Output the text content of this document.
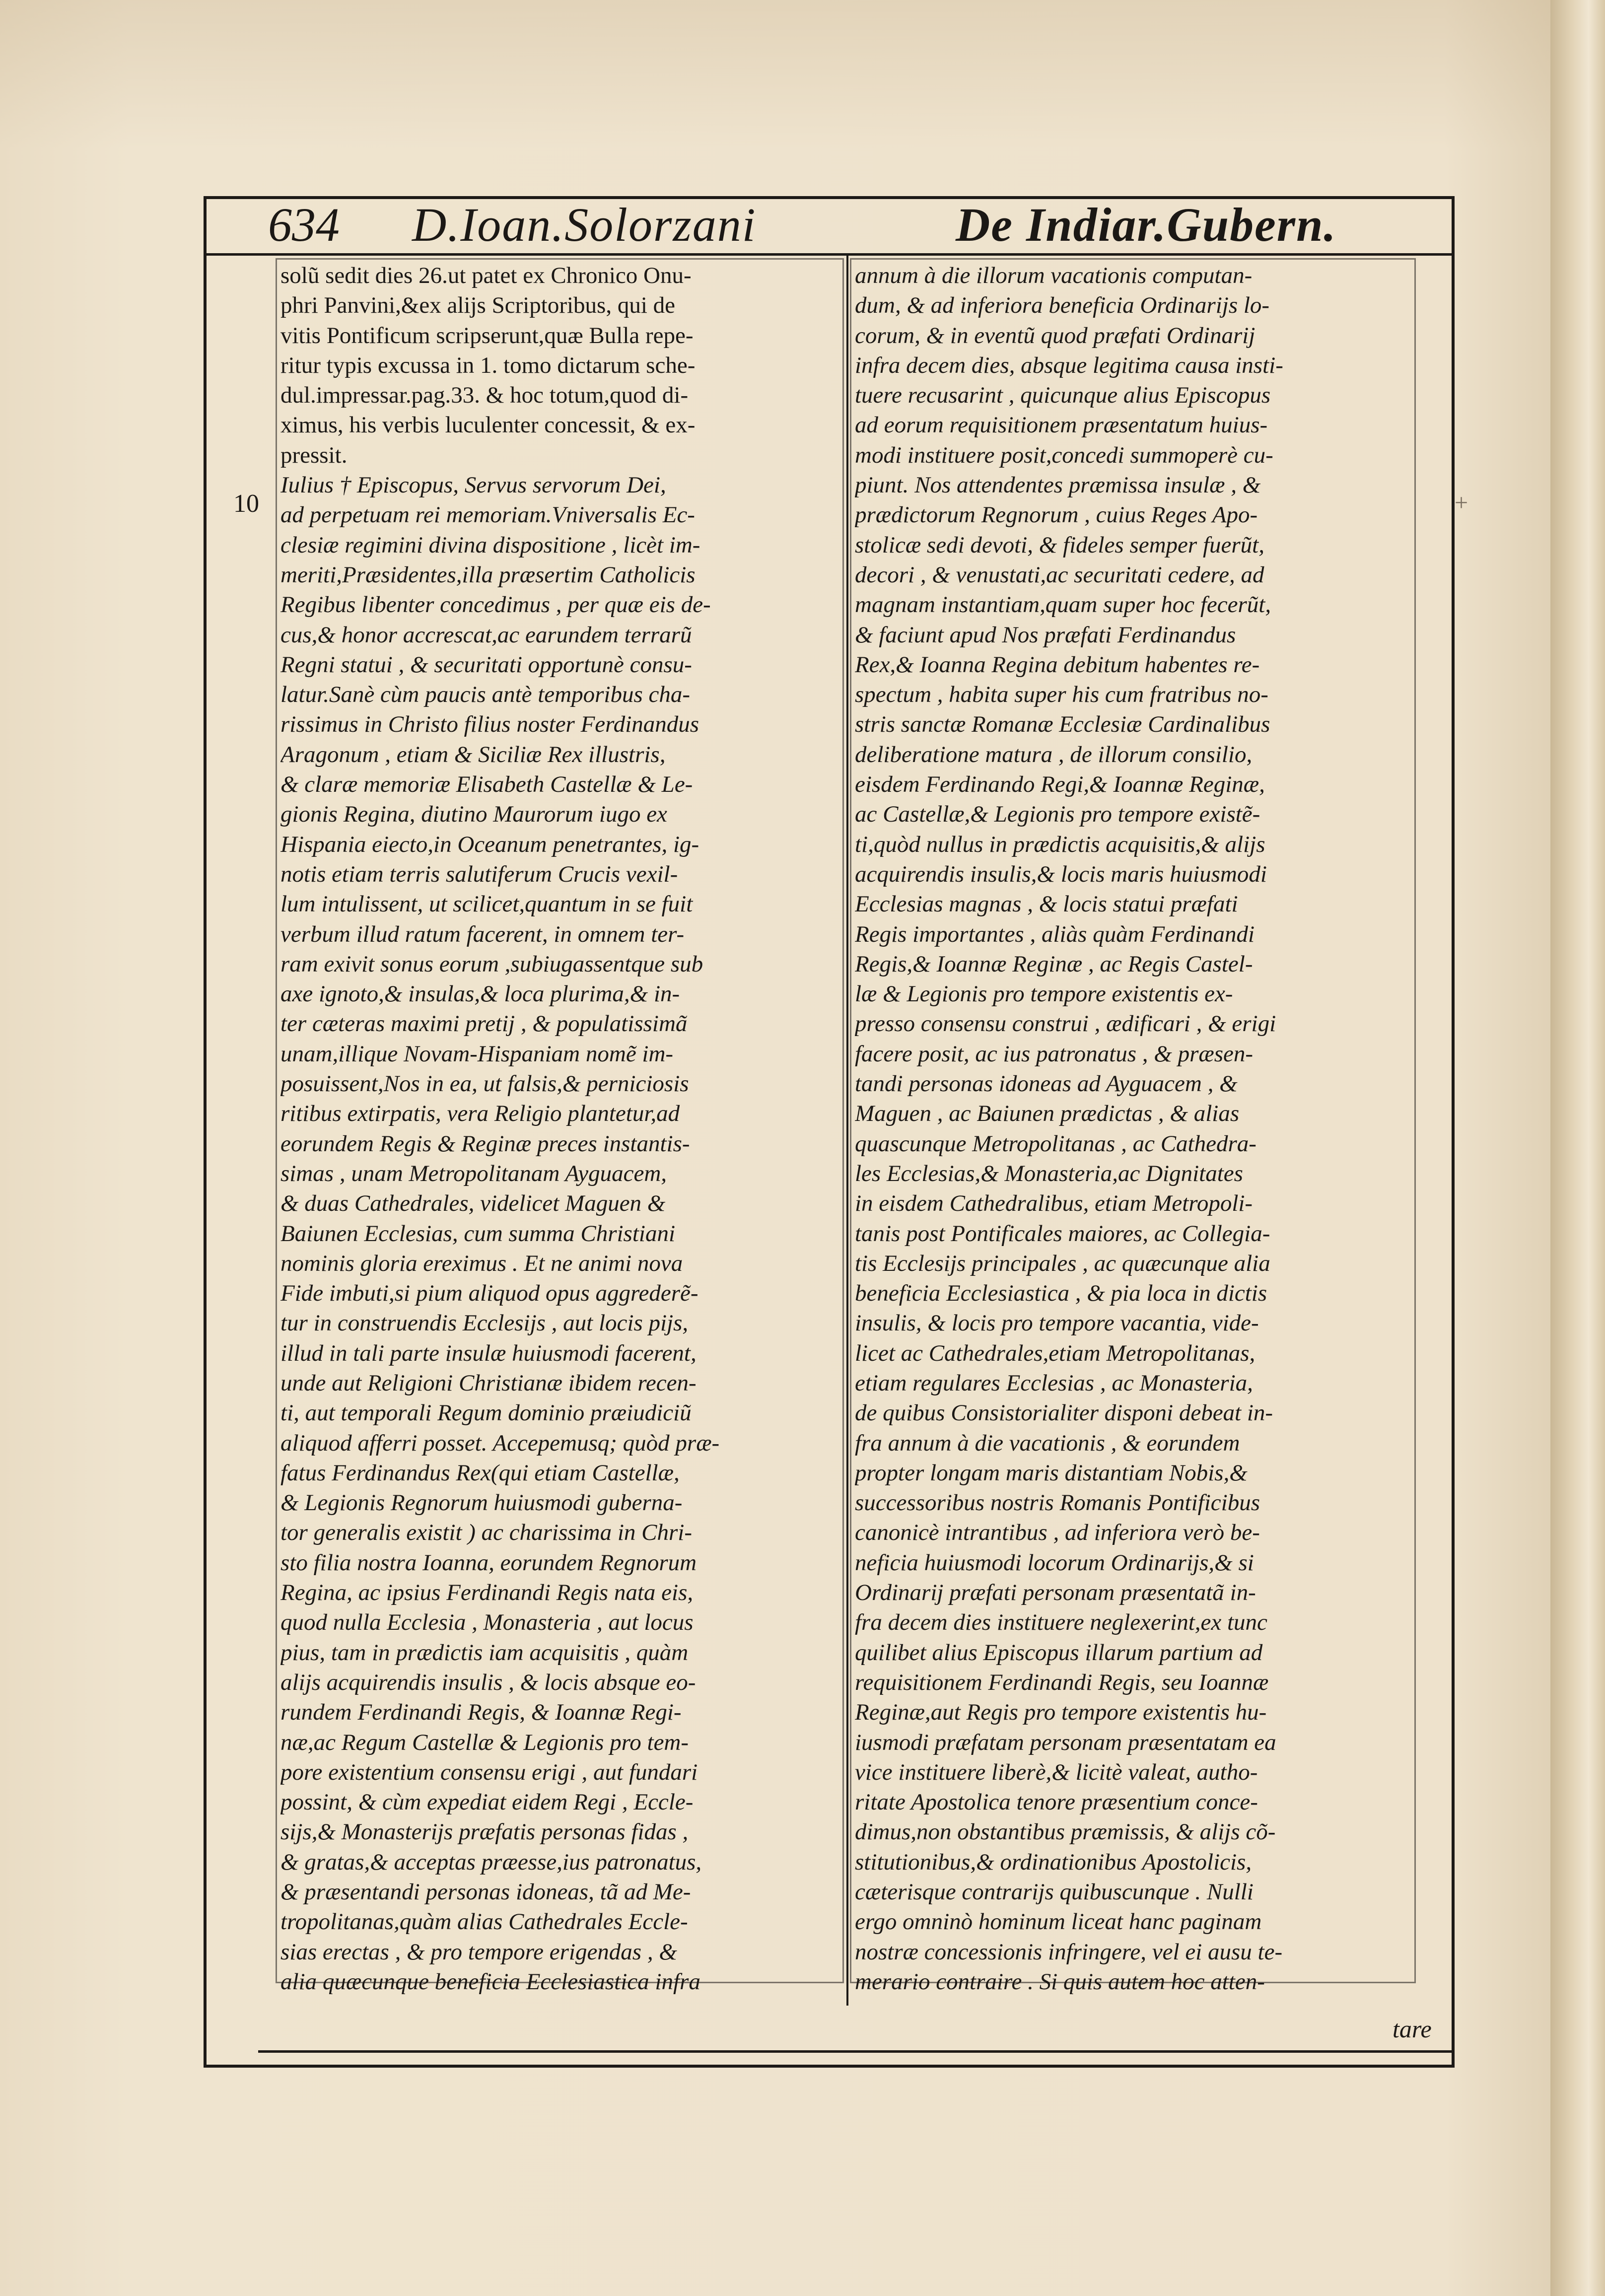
634 D.Ioan.Solorzani	De Indiar.Gubern.
10	+
solũ sedit dies 26.ut patet ex Chronico Onu-
phri Panvini,&ex alijs Scriptoribus, qui de
vitis Pontificum scripserunt,quæ Bulla repe-
ritur typis excussa in 1. tomo dictarum sche-
dul.impressar.pag.33. & hoc totum,quod di-
ximus, his verbis luculenter concessit, & ex-
pressit.
Iulius † Episcopus, Servus servorum Dei,
ad perpetuam rei memoriam.Vniversalis Ec-
clesiæ regimini divina dispositione , licèt im-
meriti,Præsidentes,illa præsertim Catholicis
Regibus libenter concedimus , per quæ eis de-
cus,& honor accrescat,ac earundem terrarũ
Regni statui , & securitati opportunè consu-
latur.Sanè cùm paucis antè temporibus cha-
rissimus in Christo filius noster Ferdinandus
Aragonum , etiam & Siciliæ Rex illustris,
& claræ memoriæ Elisabeth Castellæ & Le-
gionis Regina, diutino Maurorum iugo ex
Hispania eiecto,in Oceanum penetrantes, ig-
notis etiam terris salutiferum Crucis vexil-
lum intulissent, ut scilicet,quantum in se fuit
verbum illud ratum facerent, in omnem ter-
ram exivit sonus eorum ,subiugassentque sub
axe ignoto,& insulas,& loca plurima,& in-
ter cæteras maximi pretij , & populatissimã
unam,illique Novam-Hispaniam nomẽ im-
posuissent,Nos in ea, ut falsis,& perniciosis
ritibus extirpatis, vera Religio plantetur,ad
eorundem Regis & Reginæ preces instantis-
simas , unam Metropolitanam Ayguacem,
& duas Cathedrales, videlicet Maguen &
Baiunen Ecclesias, cum summa Christiani
nominis gloria ereximus . Et ne animi nova
Fide imbuti,si pium aliquod opus aggrederẽ-
tur in construendis Ecclesijs , aut locis pijs,
illud in tali parte insulæ huiusmodi facerent,
unde aut Religioni Christianæ ibidem recen-
ti, aut temporali Regum dominio præiudiciũ
aliquod afferri posset. Accepemusq; quòd præ-
fatus Ferdinandus Rex(qui etiam Castellæ,
& Legionis Regnorum huiusmodi guberna-
tor generalis existit ) ac charissima in Chri-
sto filia nostra Ioanna, eorundem Regnorum
Regina, ac ipsius Ferdinandi Regis nata eis,
quod nulla Ecclesia , Monasteria , aut locus
pius, tam in prædictis iam acquisitis , quàm
alijs acquirendis insulis , & locis absque eo-
rundem Ferdinandi Regis, & Ioannæ Regi-
næ,ac Regum Castellæ & Legionis pro tem-
pore existentium consensu erigi , aut fundari
possint, & cùm expediat eidem Regi , Eccle-
sijs,& Monasterijs præfatis personas fidas ,
& gratas,& acceptas præesse,ius patronatus,
& præsentandi personas idoneas, tã ad Me-
tropolitanas,quàm alias Cathedrales Eccle-
sias erectas , & pro tempore erigendas , &
alia quæcunque beneficia Ecclesiastica infra
annum à die illorum vacationis computan-
dum, & ad inferiora beneficia Ordinarijs lo-
corum, & in eventũ quod præfati Ordinarij
infra decem dies, absque legitima causa insti-
tuere recusarint , quicunque alius Episcopus
ad eorum requisitionem præsentatum huius-
modi instituere posit,concedi summoperè cu-
piunt. Nos attendentes præmissa insulæ , &
prædictorum Regnorum , cuius Reges Apo-
stolicæ sedi devoti, & fideles semper fuerũt,
decori , & venustati,ac securitati cedere, ad
magnam instantiam,quam super hoc fecerũt,
& faciunt apud Nos præfati Ferdinandus
Rex,& Ioanna Regina debitum habentes re-
spectum , habita super his cum fratribus no-
stris sanctæ Romanæ Ecclesiæ Cardinalibus
deliberatione matura , de illorum consilio,
eisdem Ferdinando Regi,& Ioannæ Reginæ,
ac Castellæ,& Legionis pro tempore existẽ-
ti,quòd nullus in prædictis acquisitis,& alijs
acquirendis insulis,& locis maris huiusmodi
Ecclesias magnas , & locis statui præfati
Regis importantes , aliàs quàm Ferdinandi
Regis,& Ioannæ Reginæ , ac Regis Castel-
læ & Legionis pro tempore existentis ex-
presso consensu construi , ædificari , & erigi
facere posit, ac ius patronatus , & præsen-
tandi personas idoneas ad Ayguacem , &
Maguen , ac Baiunen prædictas , & alias
quascunque Metropolitanas , ac Cathedra-
les Ecclesias,& Monasteria,ac Dignitates
in eisdem Cathedralibus, etiam Metropoli-
tanis post Pontificales maiores, ac Collegia-
tis Ecclesijs principales , ac quæcunque alia
beneficia Ecclesiastica , & pia loca in dictis
insulis, & locis pro tempore vacantia, vide-
licet ac Cathedrales,etiam Metropolitanas,
etiam regulares Ecclesias , ac Monasteria,
de quibus Consistorialiter disponi debeat in-
fra annum à die vacationis , & eorundem
propter longam maris distantiam Nobis,&
successoribus nostris Romanis Pontificibus
canonicè intrantibus , ad inferiora verò be-
neficia huiusmodi locorum Ordinarijs,& si
Ordinarij præfati personam præsentatã in-
fra decem dies instituere neglexerint,ex tunc
quilibet alius Episcopus illarum partium ad
requisitionem Ferdinandi Regis, seu Ioannæ
Reginæ,aut Regis pro tempore existentis hu-
iusmodi præfatam personam præsentatam ea
vice instituere liberè,& licitè valeat, autho-
ritate Apostolica tenore præsentium conce-
dimus,non obstantibus præmissis, & alijs cõ-
stitutionibus,& ordinationibus Apostolicis,
cæterisque contrarijs quibuscunque . Nulli
ergo omninò hominum liceat hanc paginam
nostræ concessionis infringere, vel ei ausu te-
merario contraire . Si quis autem hoc atten-
tare
